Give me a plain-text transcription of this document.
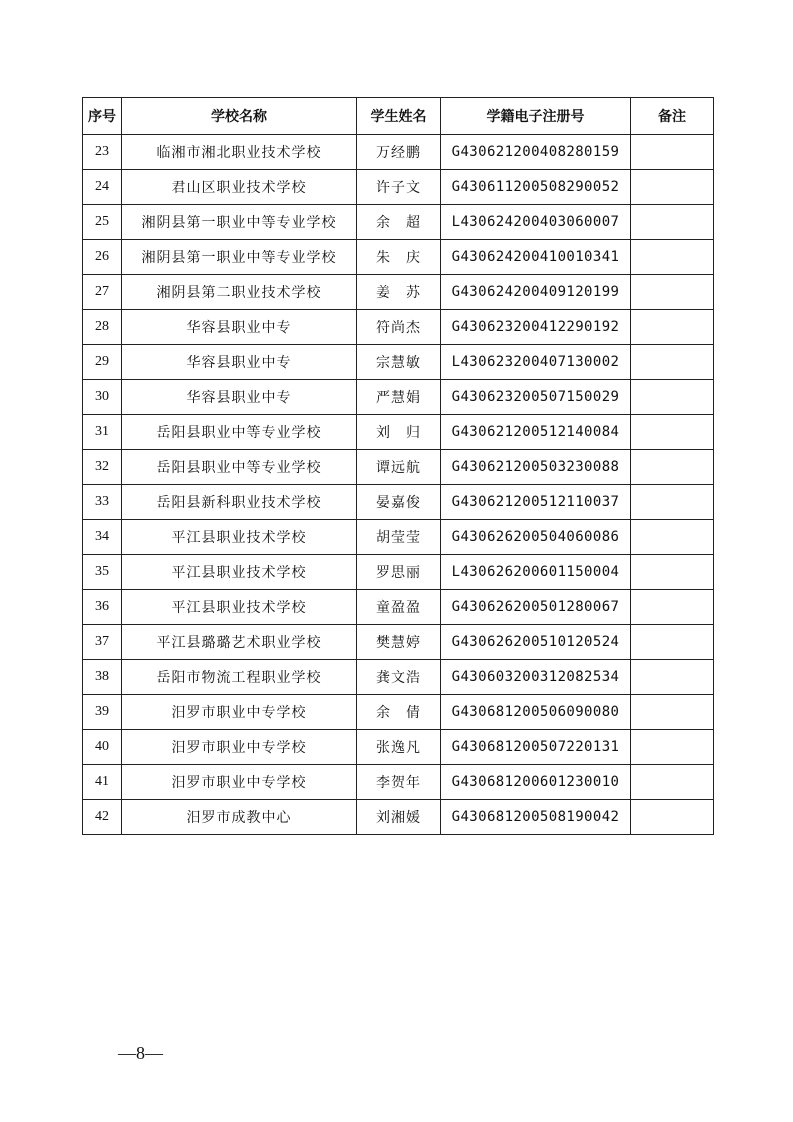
序号	学校名称	学生姓名	学籍电子注册号	备注
23	临湘市湘北职业技术学校	万经鹏	G430621200408280159	
24	君山区职业技术学校	许子文	G430611200508290052	
25	湘阴县第一职业中等专业学校	余　超	L430624200403060007	
26	湘阴县第一职业中等专业学校	朱　庆	G430624200410010341	
27	湘阴县第二职业技术学校	姜　苏	G430624200409120199	
28	华容县职业中专	符尚杰	G430623200412290192	
29	华容县职业中专	宗慧敏	L430623200407130002	
30	华容县职业中专	严慧娟	G430623200507150029	
31	岳阳县职业中等专业学校	刘　归	G430621200512140084	
32	岳阳县职业中等专业学校	谭远航	G430621200503230088	
33	岳阳县新科职业技术学校	晏嘉俊	G430621200512110037	
34	平江县职业技术学校	胡莹莹	G430626200504060086	
35	平江县职业技术学校	罗思丽	L430626200601150004	
36	平江县职业技术学校	童盈盈	G430626200501280067	
37	平江县璐璐艺术职业学校	樊慧婷	G430626200510120524	
38	岳阳市物流工程职业学校	龚文浩	G430603200312082534	
39	汨罗市职业中专学校	余　倩	G430681200506090080	
40	汨罗市职业中专学校	张逸凡	G430681200507220131	
41	汨罗市职业中专学校	李贺年	G430681200601230010	
42	汨罗市成教中心	刘湘媛	G430681200508190042	
—8—
